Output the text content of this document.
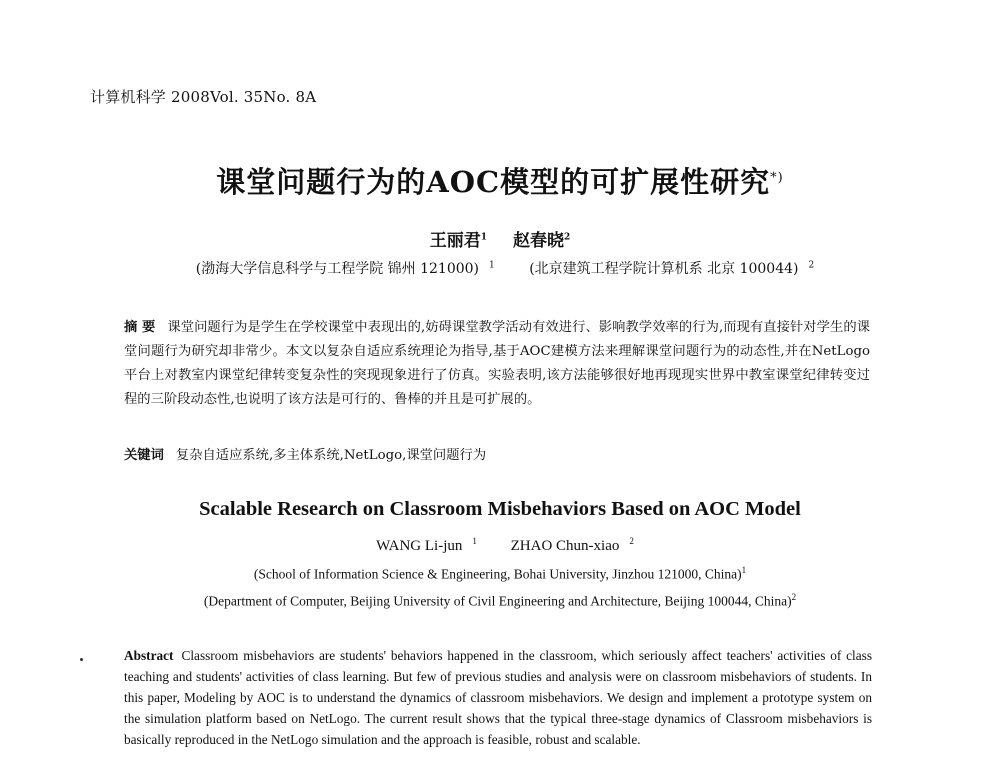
计算机科学 2008Vol. 35No. 8A
课堂问题行为的AOC模型的可扩展性研究*)
王丽君$^1$ 赵春晓$^2$
(渤海大学信息科学与工程学院 锦州 121000) $^1$ (北京建筑工程学院计算机系 北京 100044) $^2$
摘 要 课堂问题行为是学生在学校课堂中表现出的,妨碍课堂教学活动有效进行、影响教学效率的行为,而现有直接针对学生的课堂问题行为研究却非常少。本文以复杂自适应系统理论为指导,基于AOC建模方法来理解课堂问题行为的动态性,并在NetLogo平台上对教室内课堂纪律转变复杂性的突现现象进行了仿真。实验表明,该方法能够很好地再现现实世界中教室课堂纪律转变过程的三阶段动态性,也说明了该方法是可行的、鲁棒的并且是可扩展的。
关键词 复杂自适应系统,多主体系统,NetLogo,课堂问题行为
Scalable Research on Classroom Misbehaviors Based on AOC Model
WANG Li-jun $^1$ ZHAO Chun-xiao $^2$
(School of Information Science & Engineering, Bohai University, Jinzhou 121000, China)$^1$
(Department of Computer, Beijing University of Civil Engineering and Architecture, Beijing 100044, China)$^2$
Abstract Classroom misbehaviors are students' behaviors happened in the classroom, which seriously affect teachers' activities of class teaching and students' activities of class learning. But few of previous studies and analysis were on classroom misbehaviors of students. In this paper, Modeling by AOC is to understand the dynamics of classroom misbehaviors. We design and implement a prototype system on the simulation platform based on NetLogo. The current result shows that the typical three-stage dynamics of Classroom misbehaviors is basically reproduced in the NetLogo simulation and the approach is feasible, robust and scalable.
